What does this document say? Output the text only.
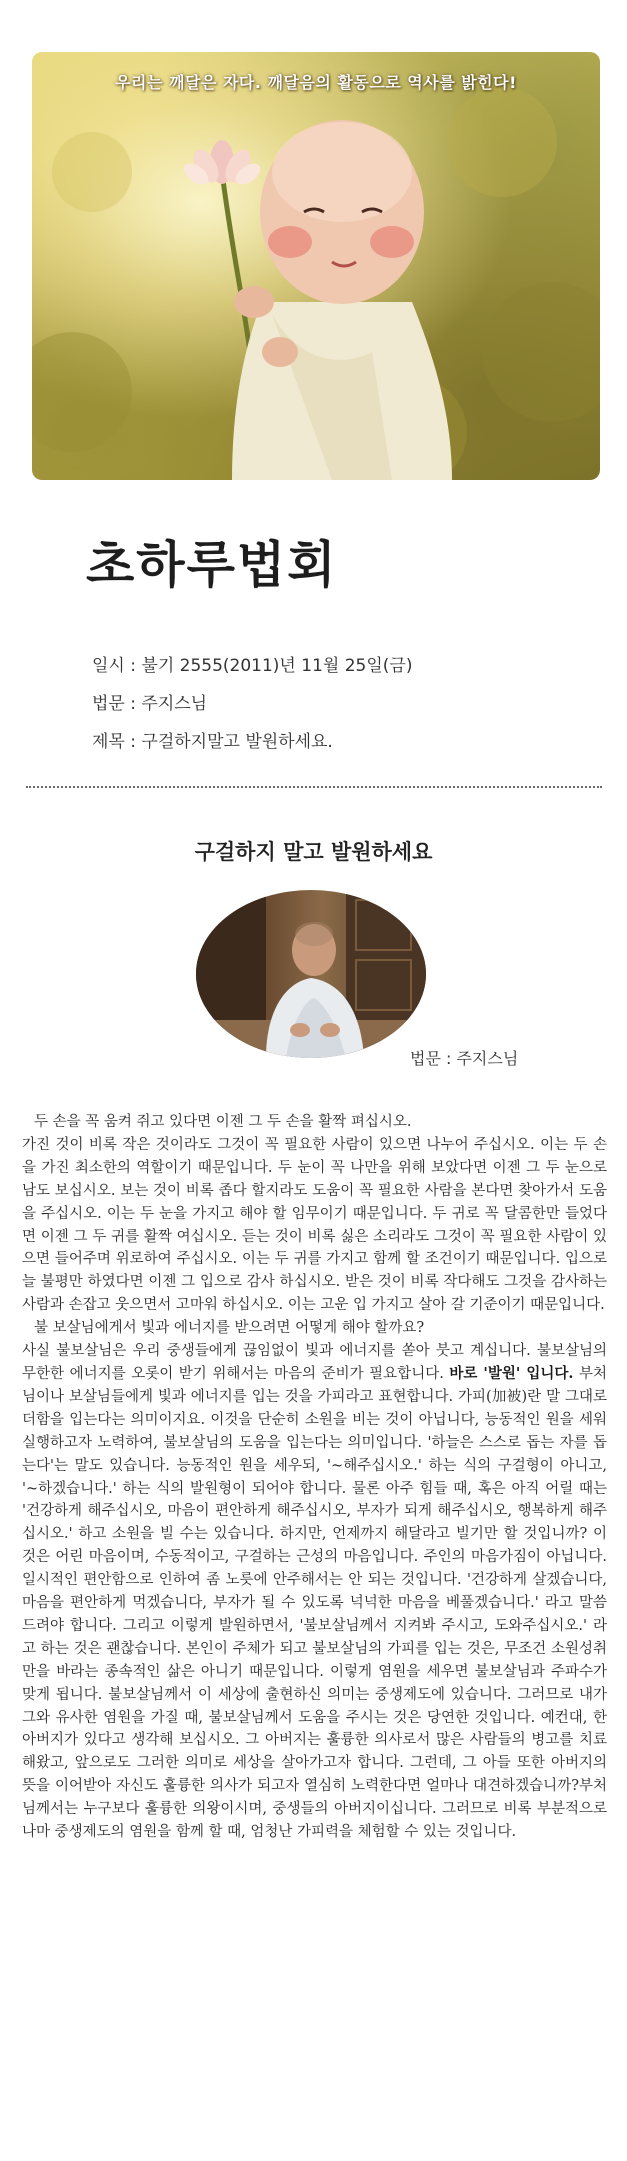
우리는 깨달은 자다. 깨달음의 활동으로 역사를 밝힌다!
초하루법회
일시 : 불기 2555(2011)년 11월 25일(금)
법문 : 주지스님
제목 : 구걸하지말고 발원하세요.
구걸하지 말고 발원하세요
법문 : 주지스님

두 손을 꼭 움켜 쥐고 있다면 이젠 그 두 손을 활짝 펴십시오.

가진 것이 비록 작은 것이라도 그것이 꼭 필요한 사람이 있으면 나누어 주십시오. 이는 두 손을 가진 최소한의 역할이기 때문입니다. 두 눈이 꼭 나만을 위해 보았다면 이젠 그 두 눈으로 남도 보십시오. 보는 것이 비록 좁다 할지라도 도움이 꼭 필요한 사람을 본다면 찾아가서 도움을 주십시오. 이는 두 눈을 가지고 해야 할 임무이기 때문입니다. 두 귀로 꼭 달콤한만 들었다면 이젠 그 두 귀를 활짝 여십시오. 듣는 것이 비록 싫은 소리라도 그것이 꼭 필요한 사람이 있으면 들어주며 위로하여 주십시오. 이는 두 귀를 가지고 함께 할 조건이기 때문입니다. 입으로 늘 불평만 하였다면 이젠 그 입으로 감사 하십시오. 받은 것이 비록 작다해도 그것을 감사하는 사람과 손잡고 웃으면서 고마워 하십시오. 이는 고운 입 가지고 살아 갈 기준이기 때문입니다.

불 보살님에게서 빛과 에너지를 받으려면 어떻게 해야 할까요?

사실 불보살님은 우리 중생들에게 끊임없이 빛과 에너지를 쏟아 붓고 계십니다. 불보살님의 무한한 에너지를 오롯이 받기 위해서는 마음의 준비가 필요합니다. 바로 '발원' 입니다. 부처님이나 보살님들에게 빛과 에너지를 입는 것을 가피라고 표현합니다. 가피(加被)란 말 그대로 더함을 입는다는 의미이지요. 이것을 단순히 소원을 비는 것이 아닙니다, 능동적인 원을 세워 실행하고자 노력하여, 불보살님의 도움을 입는다는 의미입니다. '하늘은 스스로 돕는 자를 돕는다'는 말도 있습니다. 능동적인 원을 세우되, '~해주십시오.' 하는 식의 구걸형이 아니고, '~하겠습니다.' 하는 식의 발원형이 되어야 합니다. 물론 아주 힘들 때, 혹은 아직 어릴 때는 '건강하게 해주십시오, 마음이 편안하게 해주십시오, 부자가 되게 해주십시오, 행복하게 해주십시오.' 하고 소원을 빌 수는 있습니다. 하지만, 언제까지 해달라고 빌기만 할 것입니까? 이것은 어린 마음이며, 수동적이고, 구걸하는 근성의 마음입니다. 주인의 마음가짐이 아닙니다. 일시적인 편안함으로 인하여 좀 노릇에 안주해서는 안 되는 것입니다. '건강하게 살겠습니다, 마음을 편안하게 먹겠습니다, 부자가 될 수 있도록 넉넉한 마음을 베풀겠습니다.' 라고 말씀 드려야 합니다. 그리고 이렇게 발원하면서, '불보살님께서 지켜봐 주시고, 도와주십시오.' 라고 하는 것은 괜찮습니다. 본인이 주체가 되고 불보살님의 가피를 입는 것은, 무조건 소원성취만을 바라는 종속적인 삶은 아니기 때문입니다. 이렇게 염원을 세우면 불보살님과 주파수가 맞게 됩니다. 불보살님께서 이 세상에 출현하신 의미는 중생제도에 있습니다. 그러므로 내가 그와 유사한 염원을 가질 때, 불보살님께서 도움을 주시는 것은 당연한 것입니다. 예컨대, 한 아버지가 있다고 생각해 보십시오. 그 아버지는 훌륭한 의사로서 많은 사람들의 병고를 치료해왔고, 앞으로도 그러한 의미로 세상을 살아가고자 합니다. 그런데, 그 아들 또한 아버지의 뜻을 이어받아 자신도 훌륭한 의사가 되고자 열심히 노력한다면 얼마나 대견하겠습니까?부처님께서는 누구보다 훌륭한 의왕이시며, 중생들의 아버지이십니다. 그러므로 비록 부분적으로나마 중생제도의 염원을 함께 할 때, 엄청난 가피력을 체험할 수 있는 것입니다.
